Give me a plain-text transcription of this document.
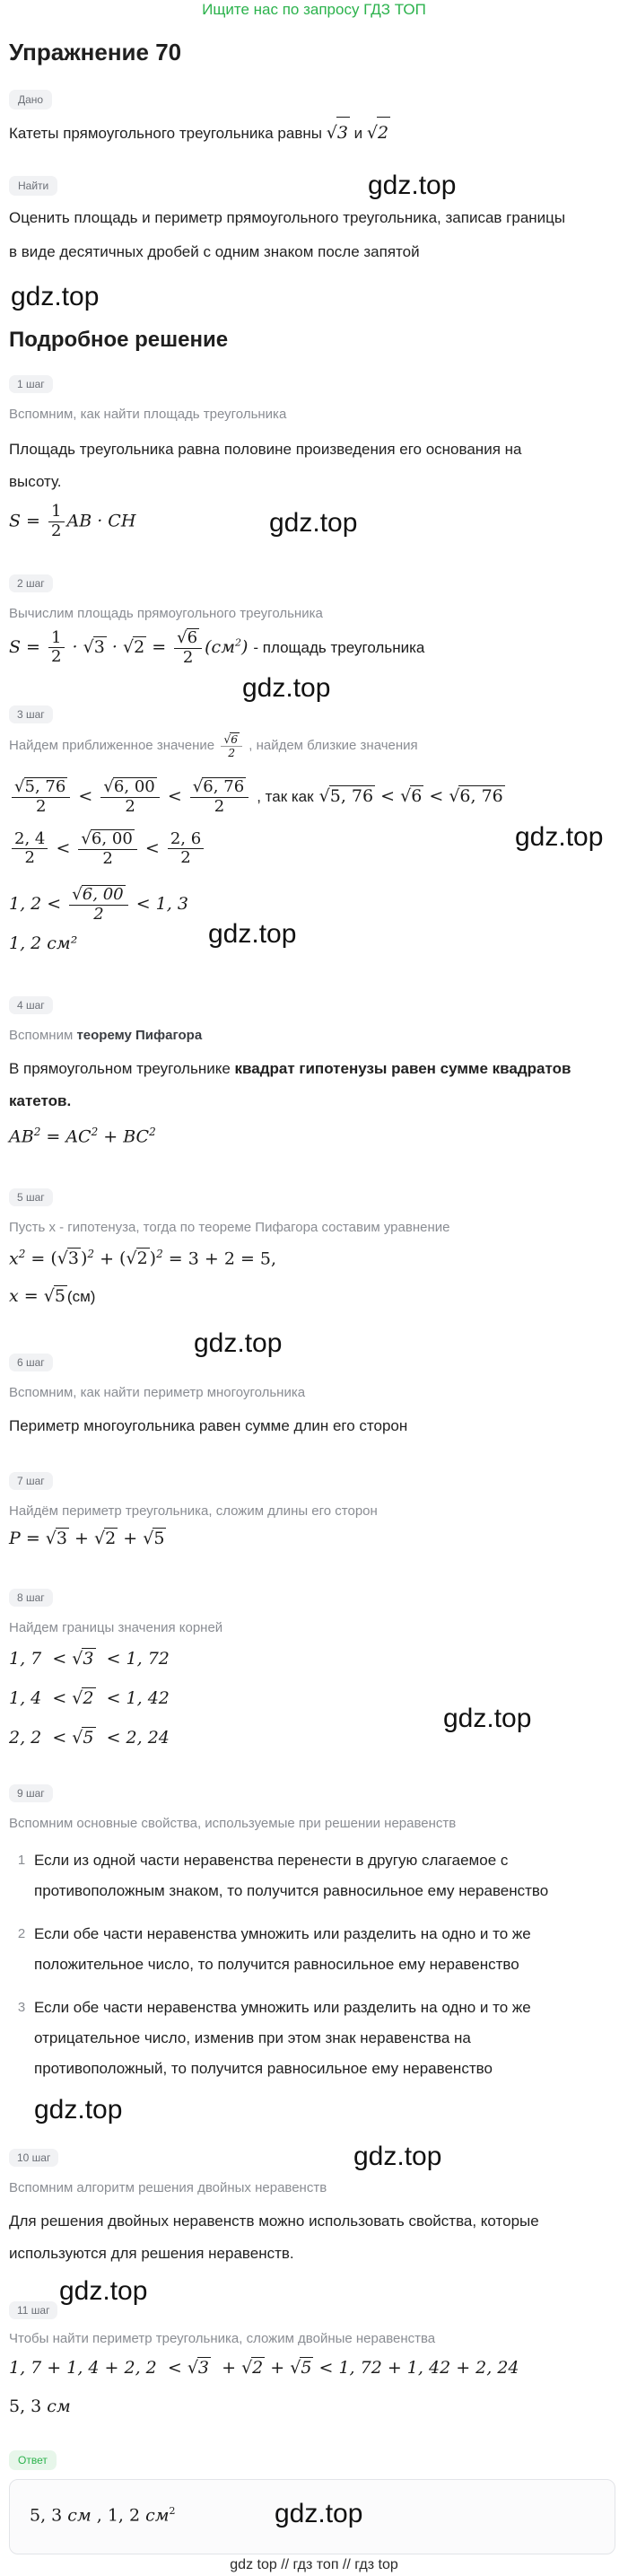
Ищите нас по запросу ГДЗ ТОП
Упражнение 70
Дано
Катеты прямоугольного треугольника равны √3 и √2
Найти
Оценить площадь и периметр прямоугольного треугольника, записав границы
в виде десятичных дробей с одним знаком после запятой
Подробное решение
1 шаг
Вспомним, как найти площадь треугольника
Площадь треугольника равна половине произведения его основания на
высоту.
$S = \frac{1}{2}$ AB · CH
2 шаг
Вычислим площадь прямоугольного треугольника
$S = \frac{1}{2} \cdot √3 \cdot √2 = \frac{√6}{2} (см^2)$ - площадь треугольника
3 шаг
Найдем приближенное значение $\frac{√6}{2}$ , найдем близкие значения
$\frac{√5, 76}{2} < \frac{√6, 00}{2} < \frac{√6, 76}{2}$ , так как √5, 76 < √6 < √6, 76
$\frac{2, 4}{2} < \frac{√6, 00}{2} < \frac{2, 6}{2}$
1, $2 < \frac{√6, 00}{2} < 1$, 3
1, 2 см²
4 шаг
Вспомним теорему Пифагора
В прямоугольном треугольнике квадрат гипотенузы равен сумме квадратов
катетов.
$AB^2 = AC^2 + BC^2$
5 шаг
Пусть x - гипотенуза, тогда по теореме Пифагора составим уравнение
$x^2 = (√3$ )$^2$ + (√2 )$^2$ = 3 + 2 = 5,
x = √5 (см)
6 шаг
Вспомним, как найти периметр многоугольника
Периметр многоугольника равен сумме длин его сторон
7 шаг
Найдём периметр треугольника, сложим длины его сторон
P = √3 + √2 + √5
8 шаг
Найдем границы значения корней
1, 7  < √3  < 1, 72
1, 4  < √2  < 1, 42
2, 2  < √5  < 2, 24
9 шаг
Вспомним основные свойства, используемые при решении неравенств
1 Если из одной части неравенства перенести в другую слагаемое с
противоположным знаком, то получится равносильное ему неравенство
2 Если обе части неравенства умножить или разделить на одно и то же
положительное число, то получится равносильное ему неравенство
3 Если обе части неравенства умножить или разделить на одно и то же
отрицательное число, изменив при этом знак неравенства на
противоположный, то получится равносильное ему неравенство
10 шаг
Вспомним алгоритм решения двойных неравенств
Для решения двойных неравенств можно использовать свойства, которые
используются для решения неравенств.
11 шаг
Чтобы найти периметр треугольника, сложим двойные неравенства
1, 7 + 1, 4 + 2, 2  < √3  + √2 + √5 < 1, 72 + 1, 42 + 2, 24
5, 3 см
Ответ
5, 3 см , 1, 2 $см^2$
gdz.top
gdz.top
gdz.top
gdz.top
gdz.top
gdz.top
gdz.top
gdz.top
gdz.top
gdz.top
gdz.top
gdz.top
gdz top // гдз топ // гдз top
